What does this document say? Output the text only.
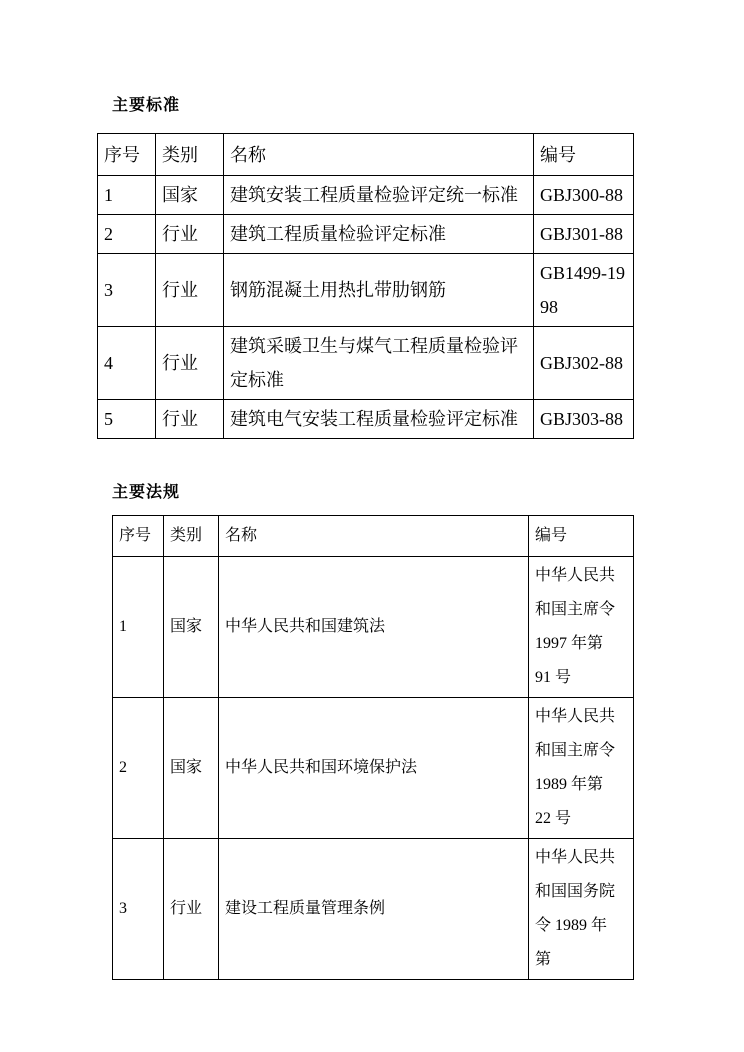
主要标准
序号	类别	名称	编号
1	国家	建筑安装工程质量检验评定统一标准	GBJ300-88
2	行业	建筑工程质量检验评定标准	GBJ301-88
3	行业	钢筋混凝土用热扎带肋钢筋	GB1499-1998
4	行业	建筑采暖卫生与煤气工程质量检验评定标准	GBJ302-88
5	行业	建筑电气安装工程质量检验评定标准	GBJ303-88
主要法规
序号	类别	名称	编号
1	国家	中华人民共和国建筑法	中华人民共和国主席令 1997 年第 91 号
2	国家	中华人民共和国环境保护法	中华人民共和国主席令 1989 年第 22 号
3	行业	建设工程质量管理条例	中华人民共和国国务院令 1989 年第
